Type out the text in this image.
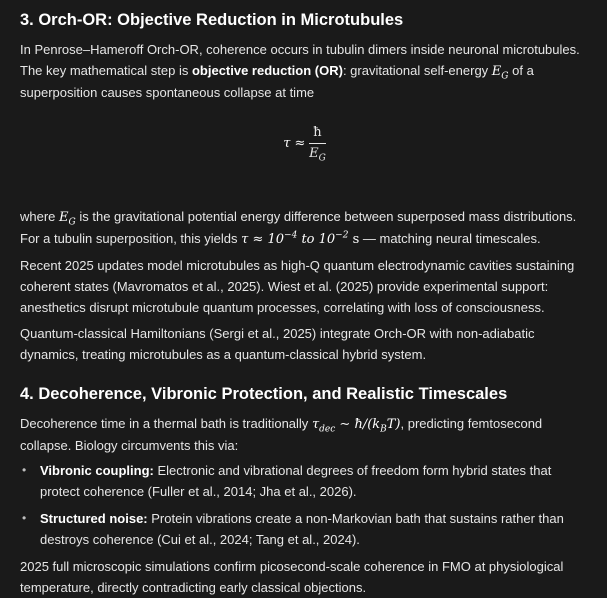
3. Orch-OR: Objective Reduction in Microtubules

In Penrose–Hameroff Orch-OR, coherence occurs in tubulin dimers inside neuronal microtubules. The key mathematical step is objective reduction (OR): gravitational self-energy $E_G$ of a superposition causes spontaneous collapse at time

$\tau \approx \frac{ħ}{E_G}$

where $E_G$ is the gravitational potential energy difference between superposed mass distributions. For a tubulin superposition, this yields $\tau \approx 10^{-4}$ to $10^{-2}$ s — matching neural timescales.

Recent 2025 updates model microtubules as high-Q quantum electrodynamic cavities sustaining coherent states (Mavromatos et al., 2025). Wiest et al. (2025) provide experimental support: anesthetics disrupt microtubule quantum processes, correlating with loss of consciousness.

Quantum-classical Hamiltonians (Sergi et al., 2025) integrate Orch-OR with non-adiabatic dynamics, treating microtubules as a quantum-classical hybrid system.

4. Decoherence, Vibronic Protection, and Realistic Timescales

Decoherence time in a thermal bath is traditionally $\tau_{dec}$ ∼ $ħ/(k_BT)$, predicting femtosecond collapse. Biology circumvents this via:

• Vibronic coupling: Electronic and vibrational degrees of freedom form hybrid states that protect coherence (Fuller et al., 2014; Jha et al., 2026).
• Structured noise: Protein vibrations create a non-Markovian bath that sustains rather than destroys coherence (Cui et al., 2024; Tang et al., 2024).

2025 full microscopic simulations confirm picosecond-scale coherence in FMO at physiological temperature, directly contradicting early classical objections.
